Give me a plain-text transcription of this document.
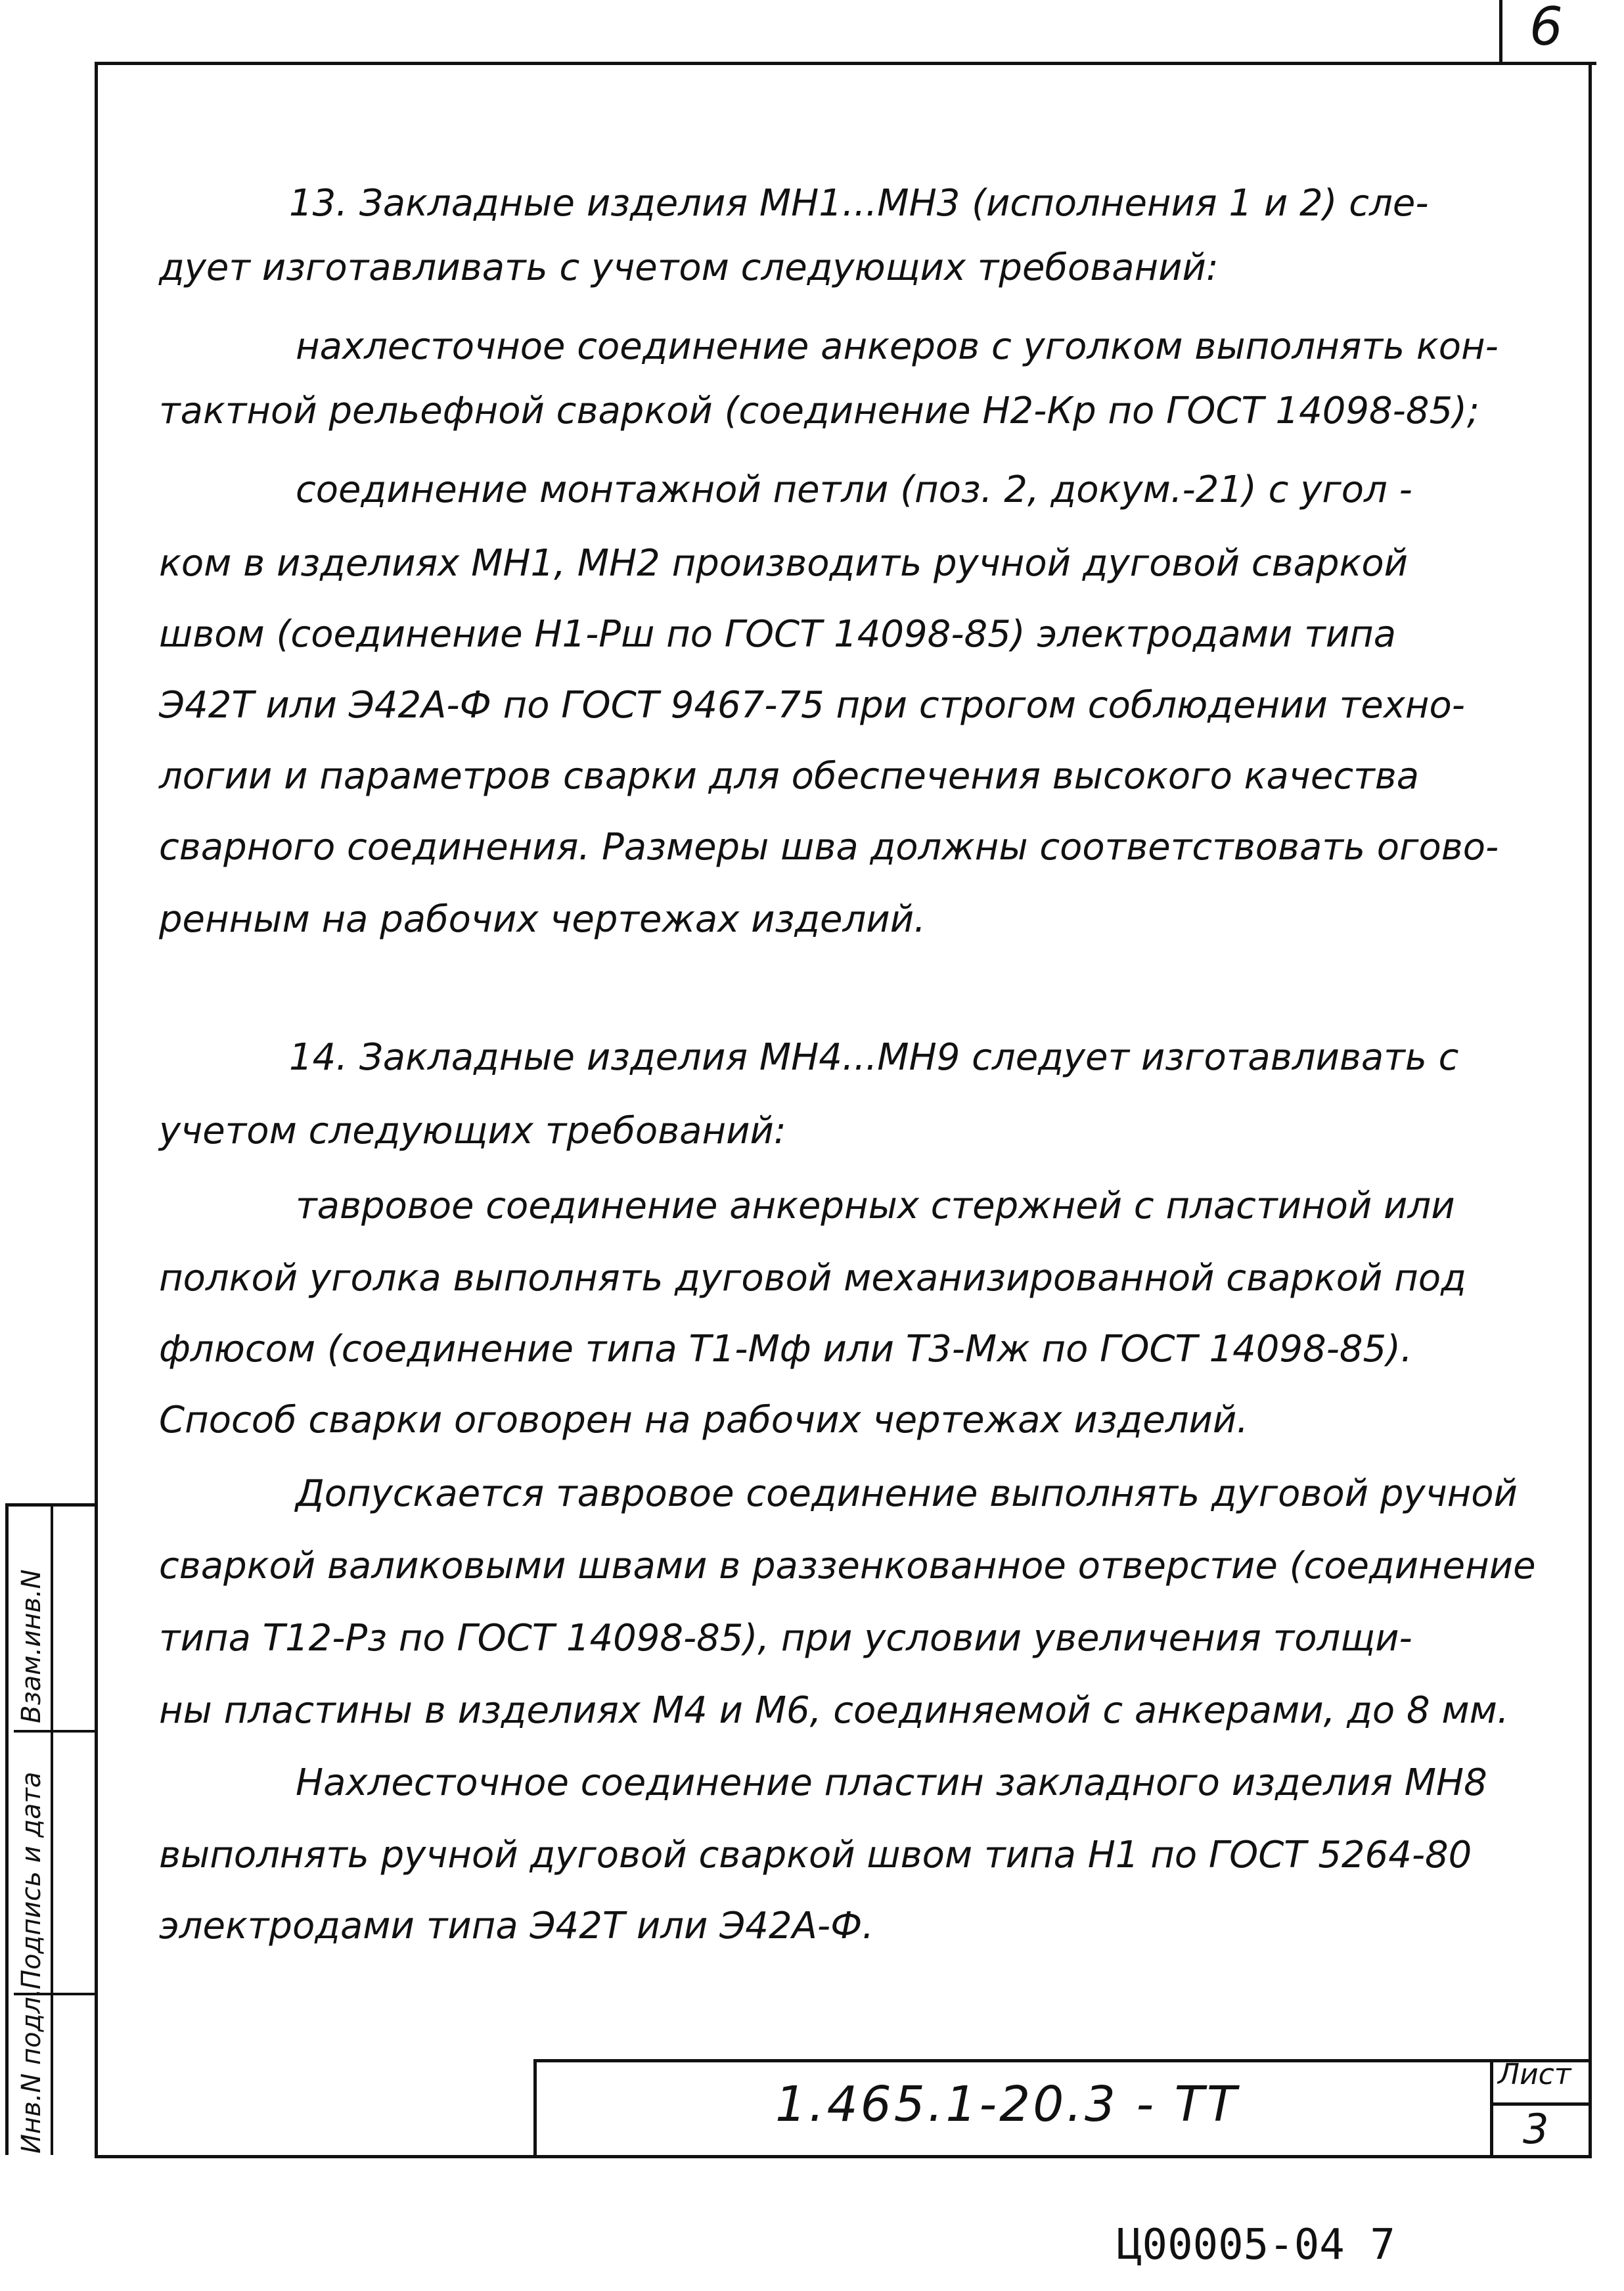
6
13. Закладные изделия МН1...МН3 (исполнения 1 и 2) сле-
дует изготавливать с учетом следующих требований:
нахлесточное соединение анкеров с уголком выполнять кон-
тактной рельефной сваркой (соединение Н2-Кр по ГОСТ 14098-85);
соединение монтажной петли (поз. 2, докум.-21) с угол -
ком в изделиях МН1, МН2 производить ручной дуговой сваркой
швом (соединение Н1-Рш по ГОСТ 14098-85) электродами типа
Э42Т или Э42А-Ф по ГОСТ 9467-75 при строгом соблюдении техно-
логии и параметров сварки для обеспечения высокого качества
сварного соединения. Размеры шва должны соответствовать огово-
ренным на рабочих чертежах изделий.
14. Закладные изделия МН4...МН9 следует изготавливать с
учетом следующих требований:
тавровое соединение анкерных стержней с пластиной или
полкой уголка выполнять дуговой механизированной сваркой под
флюсом (соединение типа Т1-Мф или Т3-Мж по ГОСТ 14098-85).
Способ сварки оговорен на рабочих чертежах изделий.
Допускается тавровое соединение выполнять дуговой ручной
сваркой валиковыми швами в раззенкованное отверстие (соединение
типа Т12-Рз по ГОСТ 14098-85), при условии увеличения толщи-
ны пластины в изделиях М4 и М6, соединяемой с анкерами, до 8 мм.
Нахлесточное соединение пластин закладного изделия МН8
выполнять ручной дуговой сваркой швом типа Н1 по ГОСТ 5264-80
электродами типа Э42Т или Э42А-Ф.
Инв.N подл.
Подпись и дата
Взам.инв.N
1.465.1-20.3 - ТТ
Лист
3
Ц00005-04 7
